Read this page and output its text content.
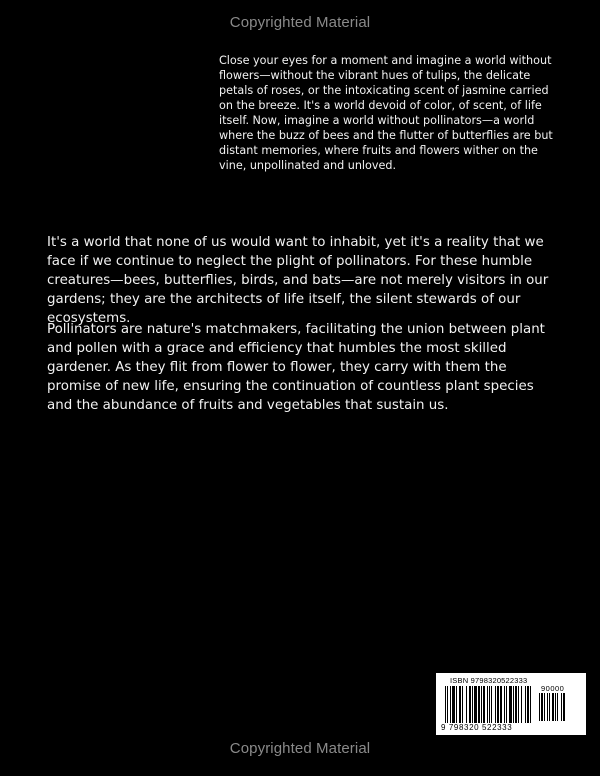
Copyrighted Material

Close your eyes for a moment and imagine a world without flowers—without the vibrant hues of tulips, the delicate petals of roses, or the intoxicating scent of jasmine carried on the breeze. It's a world devoid of color, of scent, of life itself. Now, imagine a world without pollinators—a world where the buzz of bees and the flutter of butterflies are but distant memories, where fruits and flowers wither on the vine, unpollinated and unloved.

It's a world that none of us would want to inhabit, yet it's a reality that we face if we continue to neglect the plight of pollinators. For these humble creatures—bees, butterflies, birds, and bats—are not merely visitors in our gardens; they are the architects of life itself, the silent stewards of our ecosystems.

Pollinators are nature's matchmakers, facilitating the union between plant and pollen with a grace and efficiency that humbles the most skilled gardener. As they flit from flower to flower, they carry with them the promise of new life, ensuring the continuation of countless plant species and the abundance of fruits and vegetables that sustain us.

ISBN 9798320522333
90000
9 798320 522333
Copyrighted Material
